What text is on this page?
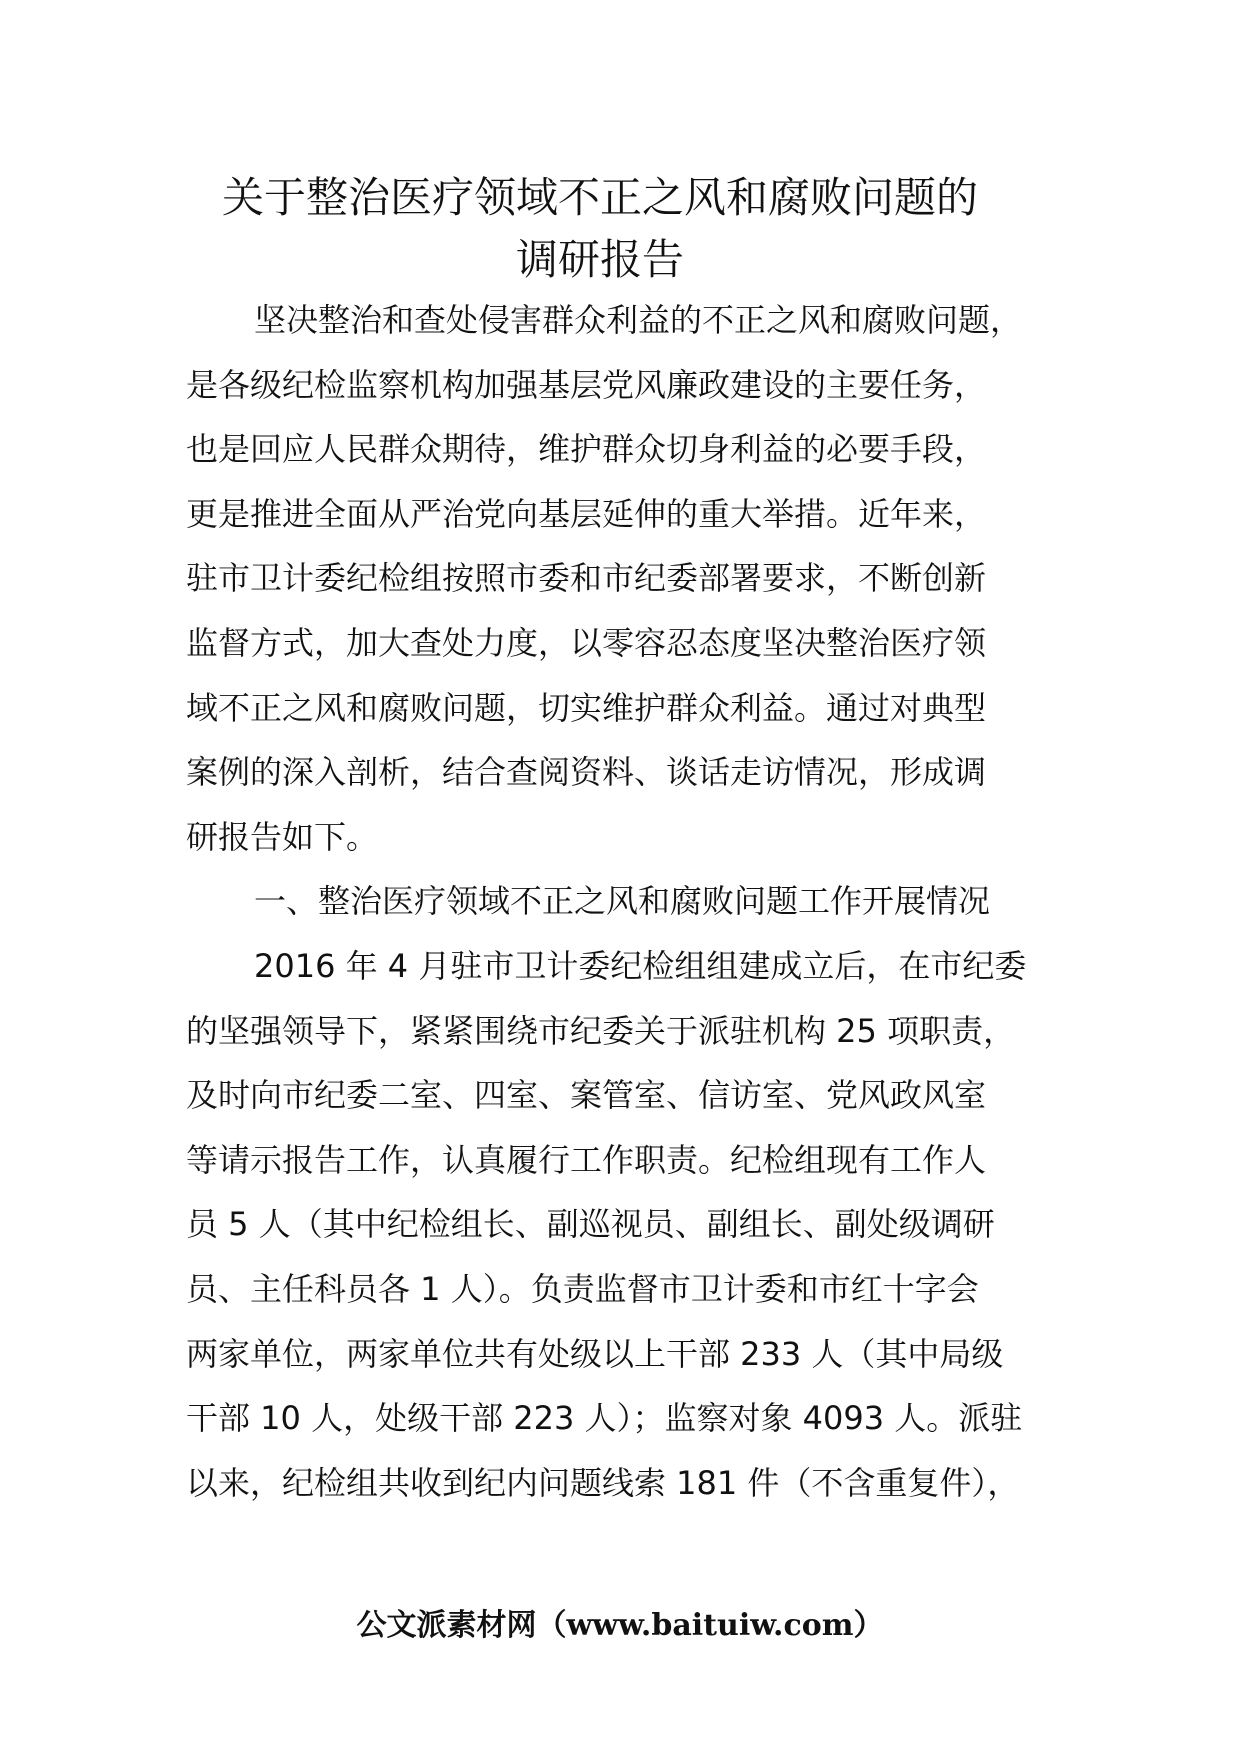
关于整治医疗领域不正之风和腐败问题的
调研报告
坚决整治和查处侵害群众利益的不正之风和腐败问题，
是各级纪检监察机构加强基层党风廉政建设的主要任务，
也是回应人民群众期待，维护群众切身利益的必要手段，
更是推进全面从严治党向基层延伸的重大举措。近年来，
驻市卫计委纪检组按照市委和市纪委部署要求，不断创新
监督方式，加大查处力度，以零容忍态度坚决整治医疗领
域不正之风和腐败问题，切实维护群众利益。通过对典型
案例的深入剖析，结合查阅资料、谈话走访情况，形成调
研报告如下。
一、整治医疗领域不正之风和腐败问题工作开展情况
2016 年 4 月驻市卫计委纪检组组建成立后，在市纪委
的坚强领导下，紧紧围绕市纪委关于派驻机构 25 项职责，
及时向市纪委二室、四室、案管室、信访室、党风政风室
等请示报告工作，认真履行工作职责。纪检组现有工作人
员 5 人（其中纪检组长、副巡视员、副组长、副处级调研
员、主任科员各 1 人）。负责监督市卫计委和市红十字会
两家单位，两家单位共有处级以上干部 233 人（其中局级
干部 10 人，处级干部 223 人）；监察对象 4093 人。派驻
以来，纪检组共收到纪内问题线索 181 件（不含重复件），
公文派素材网（www.baituiw.com）
